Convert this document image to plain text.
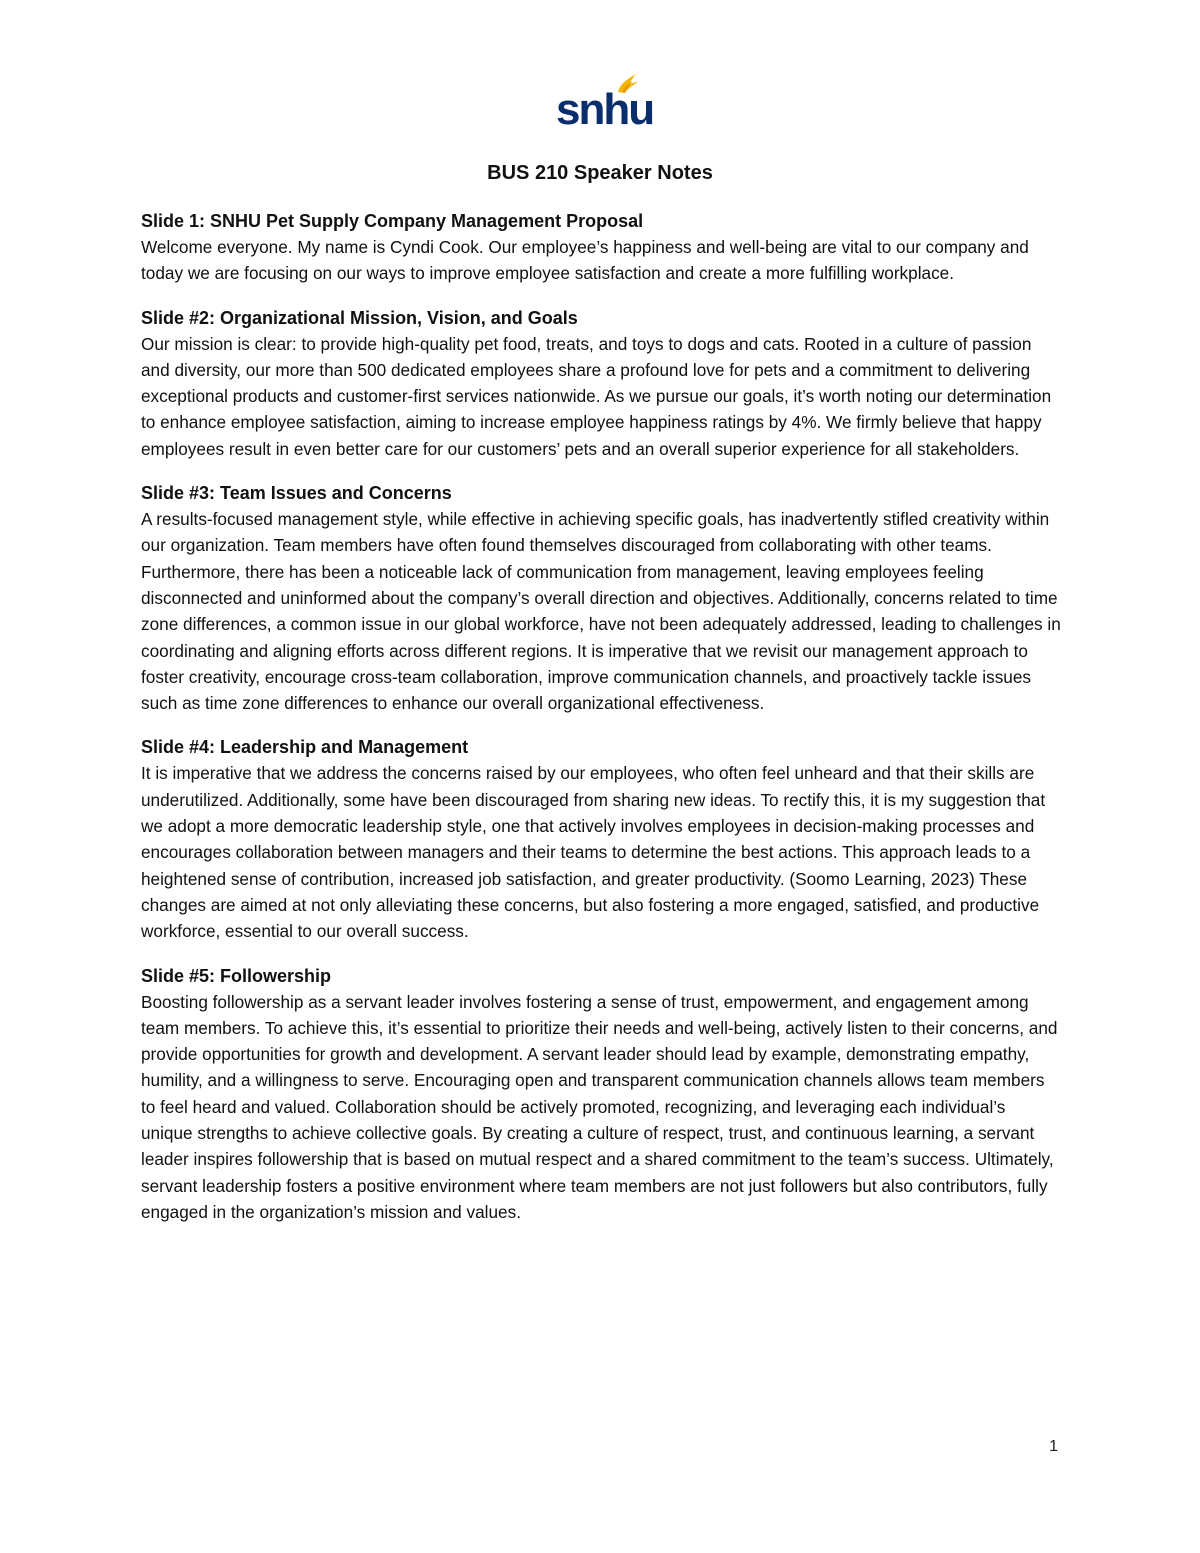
snhu
BUS 210 Speaker Notes

Slide 1: SNHU Pet Supply Company Management Proposal

Welcome everyone. My name is Cyndi Cook. Our employee’s happiness and well-being are vital to our company and today we are focusing on our ways to improve employee satisfaction and create a more fulfilling workplace.

Slide #2: Organizational Mission, Vision, and Goals

Our mission is clear: to provide high-quality pet food, treats, and toys to dogs and cats. Rooted in a culture of passion and diversity, our more than 500 dedicated employees share a profound love for pets and a commitment to delivering exceptional products and customer-first services nationwide. As we pursue our goals, it’s worth noting our determination to enhance employee satisfaction, aiming to increase employee happiness ratings by 4%. We firmly believe that happy employees result in even better care for our customers’ pets and an overall superior experience for all stakeholders.

Slide #3: Team Issues and Concerns

A results-focused management style, while effective in achieving specific goals, has inadvertently stifled creativity within our organization. Team members have often found themselves discouraged from collaborating with other teams. Furthermore, there has been a noticeable lack of communication from management, leaving employees feeling disconnected and uninformed about the company’s overall direction and objectives. Additionally, concerns related to time zone differences, a common issue in our global workforce, have not been adequately addressed, leading to challenges in coordinating and aligning efforts across different regions. It is imperative that we revisit our management approach to foster creativity, encourage cross-team collaboration, improve communication channels, and proactively tackle issues such as time zone differences to enhance our overall organizational effectiveness.

Slide #4: Leadership and Management

It is imperative that we address the concerns raised by our employees, who often feel unheard and that their skills are underutilized. Additionally, some have been discouraged from sharing new ideas. To rectify this, it is my suggestion that we adopt a more democratic leadership style, one that actively involves employees in decision-making processes and encourages collaboration between managers and their teams to determine the best actions. This approach leads to a heightened sense of contribution, increased job satisfaction, and greater productivity. (Soomo Learning, 2023) These changes are aimed at not only alleviating these concerns, but also fostering a more engaged, satisfied, and productive workforce, essential to our overall success.

Slide #5: Followership

Boosting followership as a servant leader involves fostering a sense of trust, empowerment, and engagement among team members. To achieve this, it’s essential to prioritize their needs and well-being, actively listen to their concerns, and provide opportunities for growth and development. A servant leader should lead by example, demonstrating empathy, humility, and a willingness to serve. Encouraging open and transparent communication channels allows team members to feel heard and valued. Collaboration should be actively promoted, recognizing, and leveraging each individual’s unique strengths to achieve collective goals. By creating a culture of respect, trust, and continuous learning, a servant leader inspires followership that is based on mutual respect and a shared commitment to the team’s success. Ultimately, servant leadership fosters a positive environment where team members are not just followers but also contributors, fully engaged in the organization’s mission and values.

1
